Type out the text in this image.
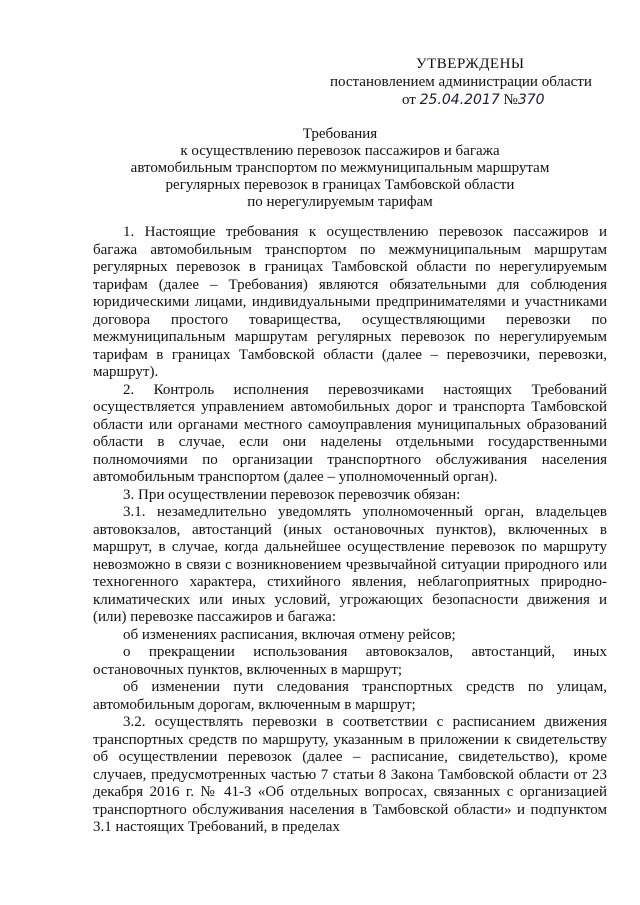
УТВЕРЖДЕНЫ
постановлением администрации области
от 25.04.2017 №370
Требования
к осуществлению перевозок пассажиров и багажа
автомобильным транспортом по межмуниципальным маршрутам
регулярных перевозок в границах Тамбовской области
по нерегулируемым тарифам

1. Настоящие требования к осуществлению перевозок пассажиров и багажа автомобильным транспортом по межмуниципальным маршрутам регулярных перевозок в границах Тамбовской области по нерегулируемым тарифам (далее – Требования) являются обязательными для соблюдения юридическими лицами, индивидуальными предпринимателями и участниками договора простого товарищества, осуществляющими перевозки по межмуниципальным маршрутам регулярных перевозок по нерегулируемым тарифам в границах Тамбовской области (далее – перевозчики, перевозки, маршрут).

2. Контроль исполнения перевозчиками настоящих Требований осуществляется управлением автомобильных дорог и транспорта Тамбовской области или органами местного самоуправления муниципальных образований области в случае, если они наделены отдельными государственными полномочиями по организации транспортного обслуживания населения автомобильным транспортом (далее – уполномоченный орган).

3. При осуществлении перевозок перевозчик обязан:

3.1. незамедлительно уведомлять уполномоченный орган, владельцев автовокзалов, автостанций (иных остановочных пунктов), включенных в маршрут, в случае, когда дальнейшее осуществление перевозок по маршруту невозможно в связи с возникновением чрезвычайной ситуации природного или техногенного характера, стихийного явления, неблагоприятных природно-климатических или иных условий, угрожающих безопасности движения и (или) перевозке пассажиров и багажа:

об изменениях расписания, включая отмену рейсов;

о прекращении использования автовокзалов, автостанций, иных остановочных пунктов, включенных в маршрут;

об изменении пути следования транспортных средств по улицам, автомобильным дорогам, включенным в маршрут;

3.2. осуществлять перевозки в соответствии с расписанием движения транспортных средств по маршруту, указанным в приложении к свидетельству об осуществлении перевозок (далее – расписание, свидетельство), кроме случаев, предусмотренных частью 7 статьи 8 Закона Тамбовской области от 23 декабря 2016 г. № 41-З «Об отдельных вопросах, связанных с организацией транспортного обслуживания населения в Тамбовской области» и подпунктом 3.1 настоящих Требований, в пределах
